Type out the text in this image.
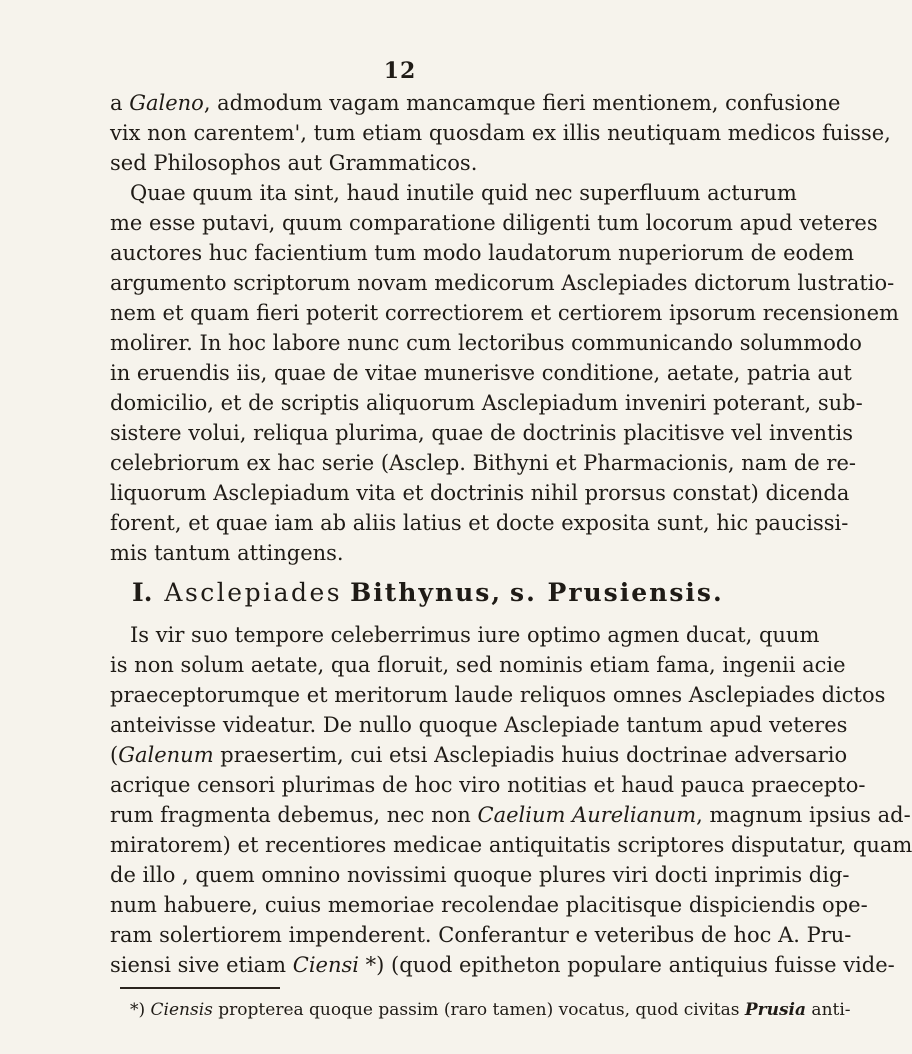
12
a Galeno, admodum vagam mancamque fieri mentionem, confusione
vix non carentem', tum etiam quosdam ex illis neutiquam medicos fuisse,
sed Philosophos aut Grammaticos.
Quae quum ita sint, haud inutile quid nec superfluum acturum
me esse putavi, quum comparatione diligenti tum locorum apud veteres
auctores huc facientium tum modo laudatorum nuperiorum de eodem
argumento scriptorum novam medicorum Asclepiades dictorum lustratio-
nem et quam fieri poterit correctiorem et certiorem ipsorum recensionem
molirer. In hoc labore nunc cum lectoribus communicando solummodo
in eruendis iis, quae de vitae munerisve conditione, aetate, patria aut
domicilio, et de scriptis aliquorum Asclepiadum inveniri poterant, sub-
sistere volui, reliqua plurima, quae de doctrinis placitisve vel inventis
celebriorum ex hac serie (Asclep. Bithyni et Pharmacionis, nam de re-
liquorum Asclepiadum vita et doctrinis nihil prorsus constat) dicenda
forent, et quae iam ab aliis latius et docte exposita sunt, hic paucissi-
mis tantum attingens.
I. Asclepiades Bithynus, s. Prusiensis.
Is vir suo tempore celeberrimus iure optimo agmen ducat, quum
is non solum aetate, qua floruit, sed nominis etiam fama, ingenii acie
praeceptorumque et meritorum laude reliquos omnes Asclepiades dictos
anteivisse videatur. De nullo quoque Asclepiade tantum apud veteres
(Galenum praesertim, cui etsi Asclepiadis huius doctrinae adversario
acrique censori plurimas de hoc viro notitias et haud pauca praecepto-
rum fragmenta debemus, nec non Caelium Aurelianum, magnum ipsius ad-
miratorem) et recentiores medicae antiquitatis scriptores disputatur, quam
de illo , quem omnino novissimi quoque plures viri docti inprimis dig-
num habuere, cuius memoriae recolendae placitisque dispiciendis ope-
ram solertiorem impenderent. Conferantur e veteribus de hoc A. Pru-
siensi sive etiam Ciensi *) (quod epitheton populare antiquius fuisse vide-
*) Ciensis propterea quoque passim (raro tamen) vocatus, quod civitas Prusia anti-
